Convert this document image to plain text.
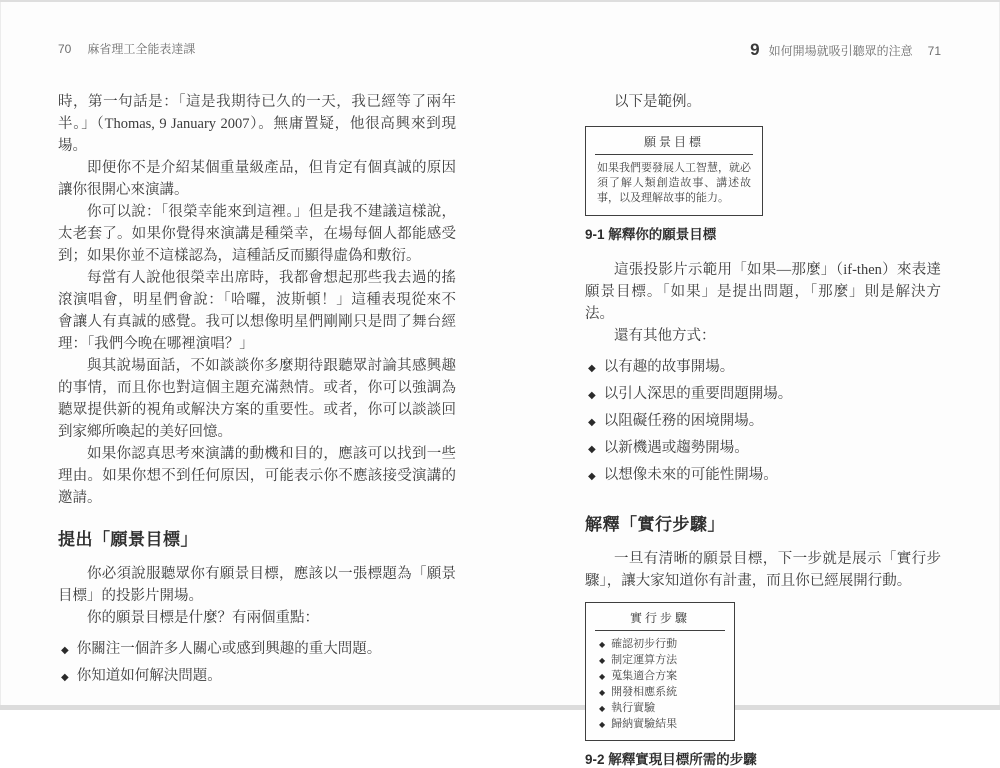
70 麻省理工全能表達課

時，第一句話是：「這是我期待已久的一天，我已經等了兩年半。」（Thomas, 9 January 2007）。無庸置疑，他很高興來到現場。

即便你不是介紹某個重量級產品，但肯定有個真誠的原因讓你很開心來演講。

你可以說：「很榮幸能來到這裡。」但是我不建議這樣說，太老套了。如果你覺得來演講是種榮幸，在場每個人都能感受到；如果你並不這樣認為，這種話反而顯得虛偽和敷衍。

每當有人說他很榮幸出席時，我都會想起那些我去過的搖滾演唱會，明星們會說：「哈囉，波斯頓！」這種表現從來不會讓人有真誠的感覺。我可以想像明星們剛剛只是問了舞台經理：「我們今晚在哪裡演唱？」

與其說場面話，不如談談你多麼期待跟聽眾討論其感興趣的事情，而且你也對這個主題充滿熱情。或者，你可以強調為聽眾提供新的視角或解決方案的重要性。或者，你可以談談回到家鄉所喚起的美好回憶。

如果你認真思考來演講的動機和目的，應該可以找到一些理由。如果你想不到任何原因，可能表示你不應該接受演講的邀請。

提出「願景目標」

你必須說服聽眾你有願景目標，應該以一張標題為「願景目標」的投影片開場。

你的願景目標是什麼？有兩個重點：

◆ 你關注一個許多人關心或感到興趣的重大問題。
◆ 你知道如何解決問題。
9 如何開場就吸引聽眾的注意 71

以下是範例。

願景目標
如果我們要發展人工智慧，就必須了解人類創造故事、講述故事，以及理解故事的能力。
9-1 解釋你的願景目標

這張投影片示範用「如果—那麼」（if-then）來表達願景目標。「如果」是提出問題，「那麼」則是解決方法。

還有其他方式：

◆ 以有趣的故事開場。
◆ 以引人深思的重要問題開場。
◆ 以阻礙任務的困境開場。
◆ 以新機遇或趨勢開場。
◆ 以想像未來的可能性開場。
解釋「實行步驟」

一旦有清晰的願景目標，下一步就是展示「實行步驟」，讓大家知道你有計畫，而且你已經展開行動。

實行步驟
◆ 確認初步行動
◆ 制定運算方法
◆ 蒐集適合方案
◆ 開發相應系統
◆ 執行實驗
◆ 歸納實驗結果
9-2 解釋實現目標所需的步驟
